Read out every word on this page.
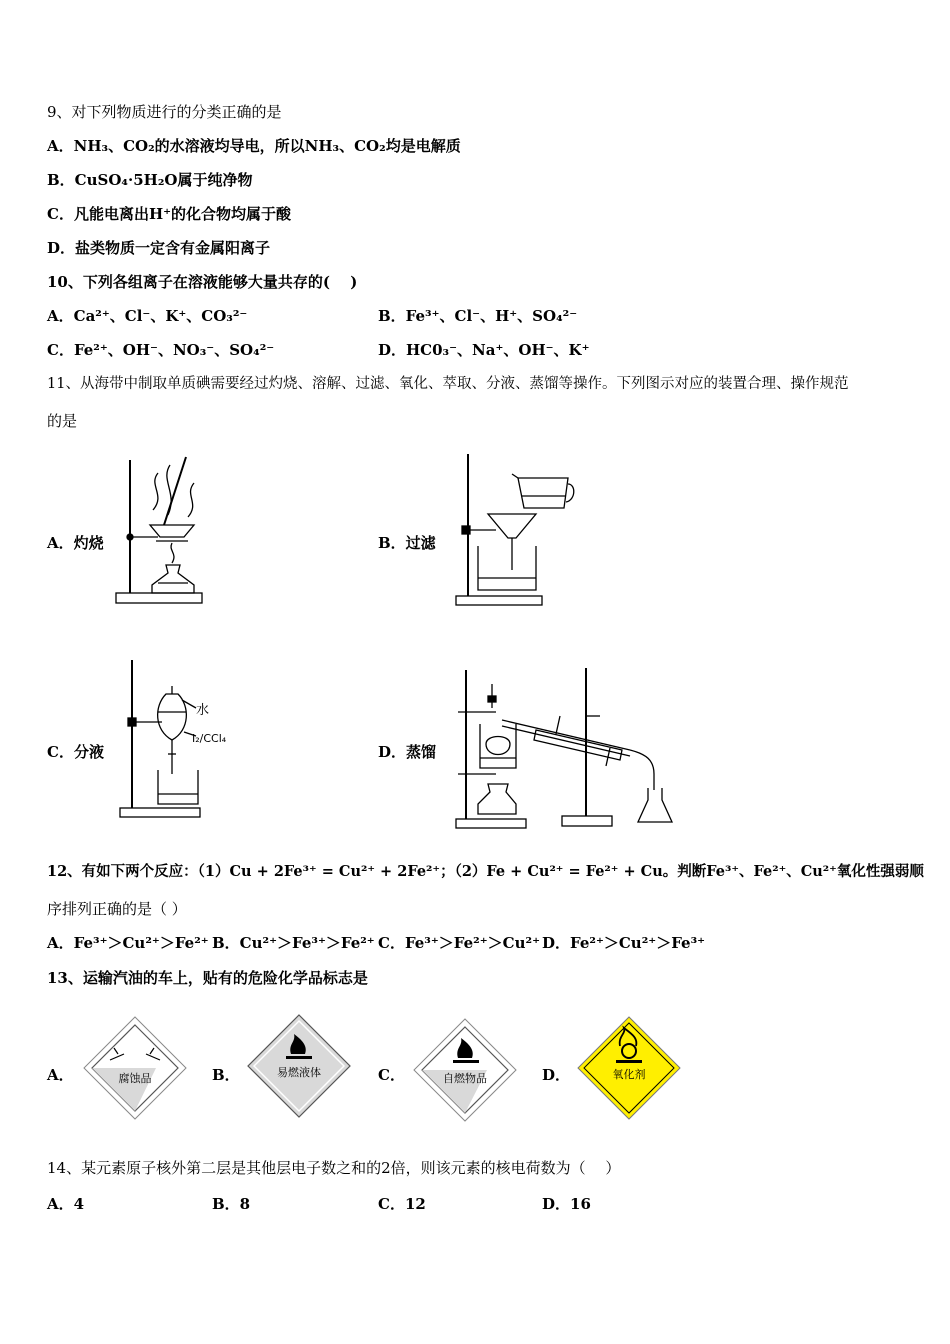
9、对下列物质进行的分类正确的是
A．NH₃、CO₂的水溶液均导电，所以NH₃、CO₂均是电解质
B．CuSO₄·5H₂O属于纯净物
C．凡能电离出H⁺的化合物均属于酸
D．盐类物质一定含有金属阳离子
10、下列各组离子在溶液能够大量共存的(　 )
A．Ca²⁺、Cl⁻、K⁺、CO₃²⁻	B．Fe³⁺、Cl⁻、H⁺、SO₄²⁻
C．Fe²⁺、OH⁻、NO₃⁻、SO₄²⁻	D．HC0₃⁻、Na⁺、OH⁻、K⁺
11、从海带中制取单质碘需要经过灼烧、溶解、过滤、氧化、萃取、分液、蒸馏等操作。下列图示对应的装置合理、操作规范
的是
A．灼烧	B．过滤
C．分液
水
I₂/CCl₄
D．蒸馏
12、有如下两个反应：（1）Cu + 2Fe³⁺ = Cu²⁺ + 2Fe²⁺；（2）Fe + Cu²⁺ = Fe²⁺ + Cu。判断Fe³⁺、Fe²⁺、Cu²⁺氧化性强弱顺
序排列正确的是（ ）
A．Fe³⁺＞Cu²⁺＞Fe²⁺ B．Cu²⁺＞Fe³⁺＞Fe²⁺ C．Fe³⁺＞Fe²⁺＞Cu²⁺ D．Fe²⁺＞Cu²⁺＞Fe³⁺
13、运输汽油的车上，贴有的危险化学品标志是
A．	腐蚀品	B．	易燃液体	C．	自燃物品	D．	氧化剂
14、某元素原子核外第二层是其他层电子数之和的2倍，则该元素的核电荷数为（　 ）
A．4	B．8	C．12	D．16
